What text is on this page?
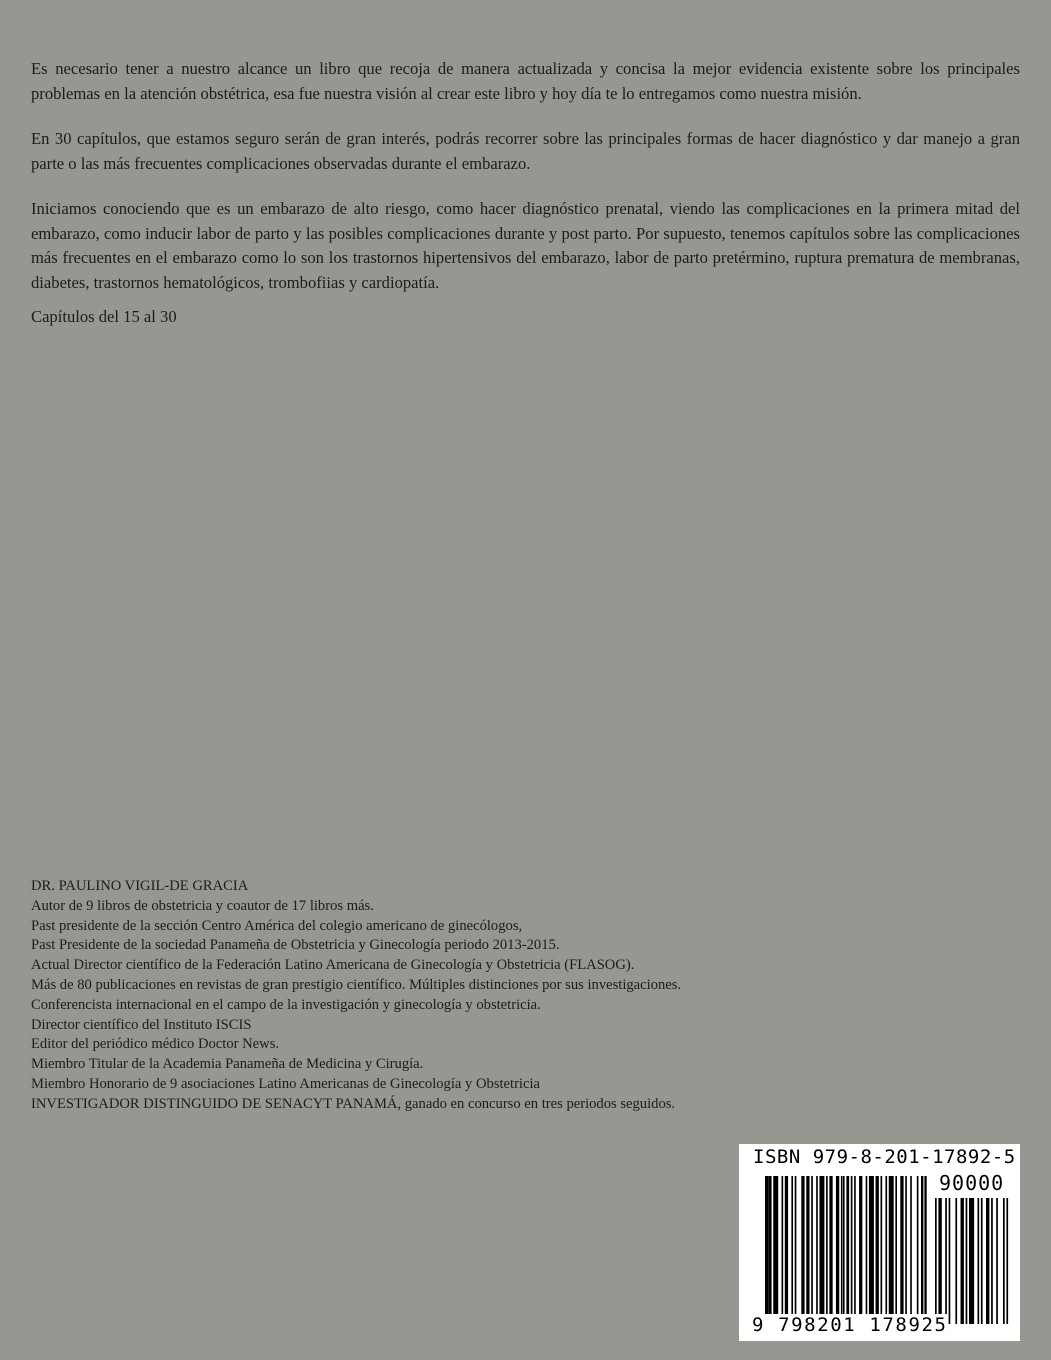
Es necesario tener a nuestro alcance un libro que recoja de manera actualizada y concisa la mejor evidencia existente sobre los principales problemas en la atención obstétrica, esa fue nuestra visión al crear este libro y hoy día te lo entregamos como nuestra misión.

En 30 capítulos, que estamos seguro serán de gran interés, podrás recorrer sobre las principales formas de hacer diagnóstico y dar manejo a gran parte o las más frecuentes complicaciones observadas durante el embarazo.

Iniciamos conociendo que es un embarazo de alto riesgo, como hacer diagnóstico prenatal, viendo las complicaciones en la primera mitad del embarazo, como inducir labor de parto y las posibles complicaciones durante y post parto. Por supuesto, tenemos capítulos sobre las complicaciones más frecuentes en el embarazo como lo son los trastornos hipertensivos del embarazo, labor de parto pretérmino, ruptura prematura de membranas, diabetes, trastornos hematológicos, trombofiias y cardiopatía.

Capítulos del 15 al 30

DR. PAULINO VIGIL-DE GRACIA
Autor de 9 libros de obstetricia y coautor de 17 libros más.
Past presidente de la sección Centro América del colegio americano de ginecólogos,
Past Presidente de la sociedad Panameña de Obstetricia y Ginecología periodo 2013-2015.
Actual Director científico de la Federación Latino Americana de Ginecología y Obstetricia (FLASOG).
Más de 80 publicaciones en revistas de gran prestigio científico. Múltiples distinciones por sus investigaciones.
Conferencista internacional en el campo de la investigación y ginecología y obstetricia.
Director científico del Instituto ISCIS
Editor del periódico médico Doctor News.
Miembro Titular de la Academia Panameña de Medicina y Cirugía.
Miembro Honorario de 9 asociaciones Latino Americanas de Ginecología y Obstetricia
INVESTIGADOR DISTINGUIDO DE SENACYT PANAMÁ, ganado en concurso en tres periodos seguidos.
ISBN 979-8-201-17892-5
90000
9 798201 178925
